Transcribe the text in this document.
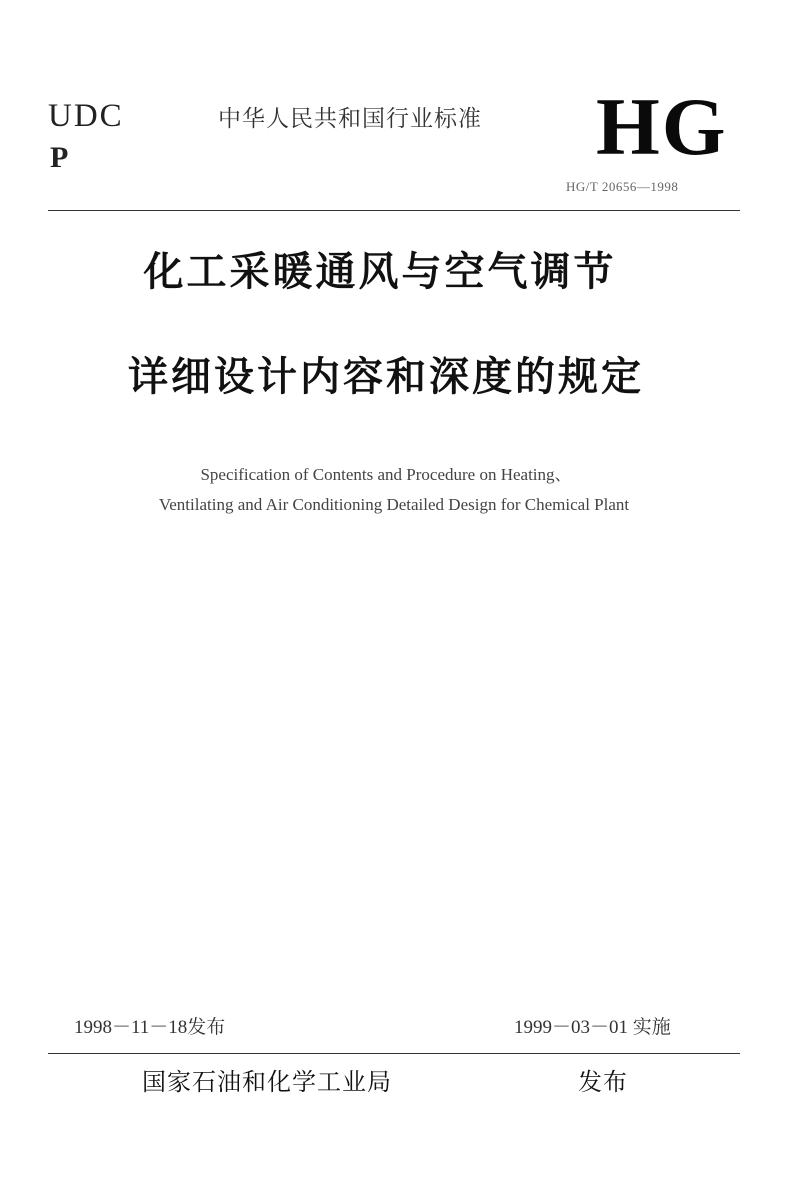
UDC
P
中华人民共和国行业标准 HG
HG/T 20656—1998
化工采暖通风与空气调节
详细设计内容和深度的规定
Specification of Contents and Procedure on Heating、
Ventilating and Air Conditioning Detailed Design for Chemical Plant
1998－11－18发布	1999－03－01 实施
国家石油和化学工业局	发布
